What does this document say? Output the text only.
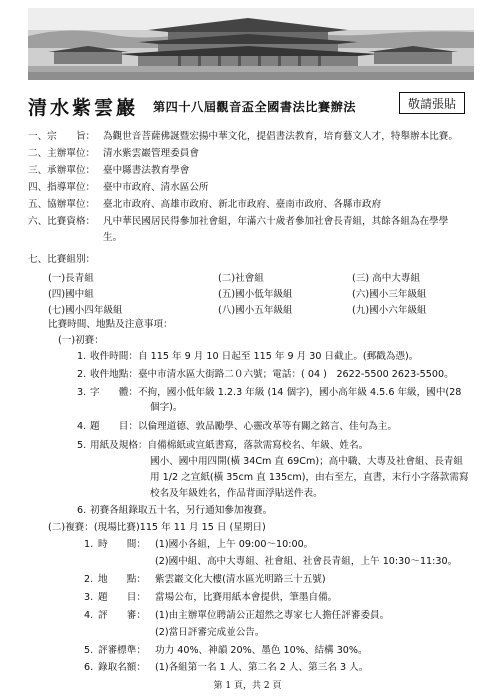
清水紫雲巖 第四十八屆觀音盃全國書法比賽辦法	敬請張貼
一、宗　　旨： 為觀世音菩薩佛誕暨宏揚中華文化，提倡書法教育，培育藝文人才，特舉辦本比賽。
二、主辦單位： 清水紫雲巖管理委員會
三、承辦單位： 臺中縣書法教育學會
四、指導單位： 臺中市政府、清水區公所
五、協辦單位： 臺北市政府、高雄市政府、新北市政府、臺南市政府、各縣市政府
六、比賽資格： 凡中華民國居民得參加社會組，年滿六十歲者參加社會長青組，其餘各組為在學學
生。
七、比賽組別：
(一)長青組	(二)社會組	(三) 高中大專組
(四)國中組	(五)國小低年級組	(六)國小三年級組
(七)國小四年級組	(八)國小五年級組	(九)國小六年級組
比賽時間、地點及注意事項：
(一)初賽：
1. 收件時間：自 115 年 9 月 10 日起至 115 年 9 月 30 日截止。(郵戳為憑)。
2. 收件地點：臺中市清水區大街路二０六號；電話：( 04 )　2622-5500 2623-5500。
3. 字　　體：不拘，國小低年級 1.2.3 年級 (14 個字)，國小高年級 4.5.6 年級，國中(28
個字)。
4. 題　　目：以倫理道德、敦品勵學、心靈改革等有關之銘言、佳句為主。
5. 用紙及規格：自備棉紙或宣紙書寫，落款需寫校名、年級、姓名。
國小、國中用四開(橫 34Cm 直 69Cm)；高中職、大專及社會組、長青組
用 1/2 之宣紙(橫 35cm 直 135cm)，由右至左，直書，末行小字落款需寫
校名及年級姓名，作品背面浮貼送件表。
6. 初賽各組錄取五十名，另行通知參加複賽。
(二)複賽：(現場比賽)115 年 11 月 15 日 (星期日)
1. 時　　間： (1)國小各組，上午 09:00～10:00。
(2)國中組、高中大專組、社會組、社會長青組，上午 10:30～11:30。
2. 地　　點： 紫雲巖文化大樓(清水區光明路三十五號)
3. 題　　目： 當場公布，比賽用紙本會提供，筆墨自備。
4. 評　　審： (1)由主辦單位聘請公正超然之專家七人擔任評審委員。
(2)當日評審完成並公告。
5. 評審標準： 功力 40%、神韻 20%、墨色 10%、結構 30%。
6. 錄取名額： (1)各組第一名 1 人、第二名 2 人、第三名 3 人。
第 1 頁，共 2 頁
